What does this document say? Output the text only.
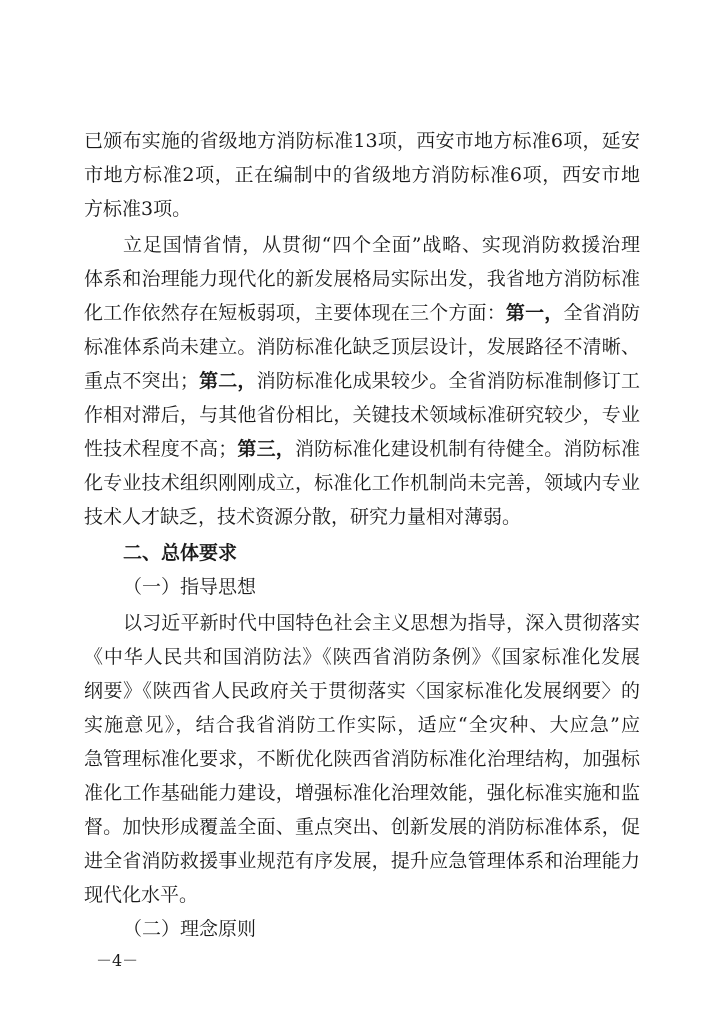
已颁布实施的省级地方消防标准13项，西安市地方标准6项，延安
市地方标准2项，正在编制中的省级地方消防标准6项，西安市地
方标准3项。
立足国情省情，从贯彻“四个全面”战略、实现消防救援治理
体系和治理能力现代化的新发展格局实际出发，我省地方消防标准
化工作依然存在短板弱项，主要体现在三个方面：第一，全省消防
标准体系尚未建立。消防标准化缺乏顶层设计，发展路径不清晰、
重点不突出；第二，消防标准化成果较少。全省消防标准制修订工
作相对滞后，与其他省份相比，关键技术领域标准研究较少，专业
性技术程度不高；第三，消防标准化建设机制有待健全。消防标准
化专业技术组织刚刚成立，标准化工作机制尚未完善，领域内专业
技术人才缺乏，技术资源分散，研究力量相对薄弱。
二、总体要求
（一）指导思想
以习近平新时代中国特色社会主义思想为指导，深入贯彻落实
《中华人民共和国消防法》《陕西省消防条例》《国家标准化发展
纲要》《陕西省人民政府关于贯彻落实〈国家标准化发展纲要〉的
实施意见》，结合我省消防工作实际，适应“全灾种、大应急”应
急管理标准化要求，不断优化陕西省消防标准化治理结构，加强标
准化工作基础能力建设，增强标准化治理效能，强化标准实施和监
督。加快形成覆盖全面、重点突出、创新发展的消防标准体系，促
进全省消防救援事业规范有序发展，提升应急管理体系和治理能力
现代化水平。
（二）理念原则
－4－
